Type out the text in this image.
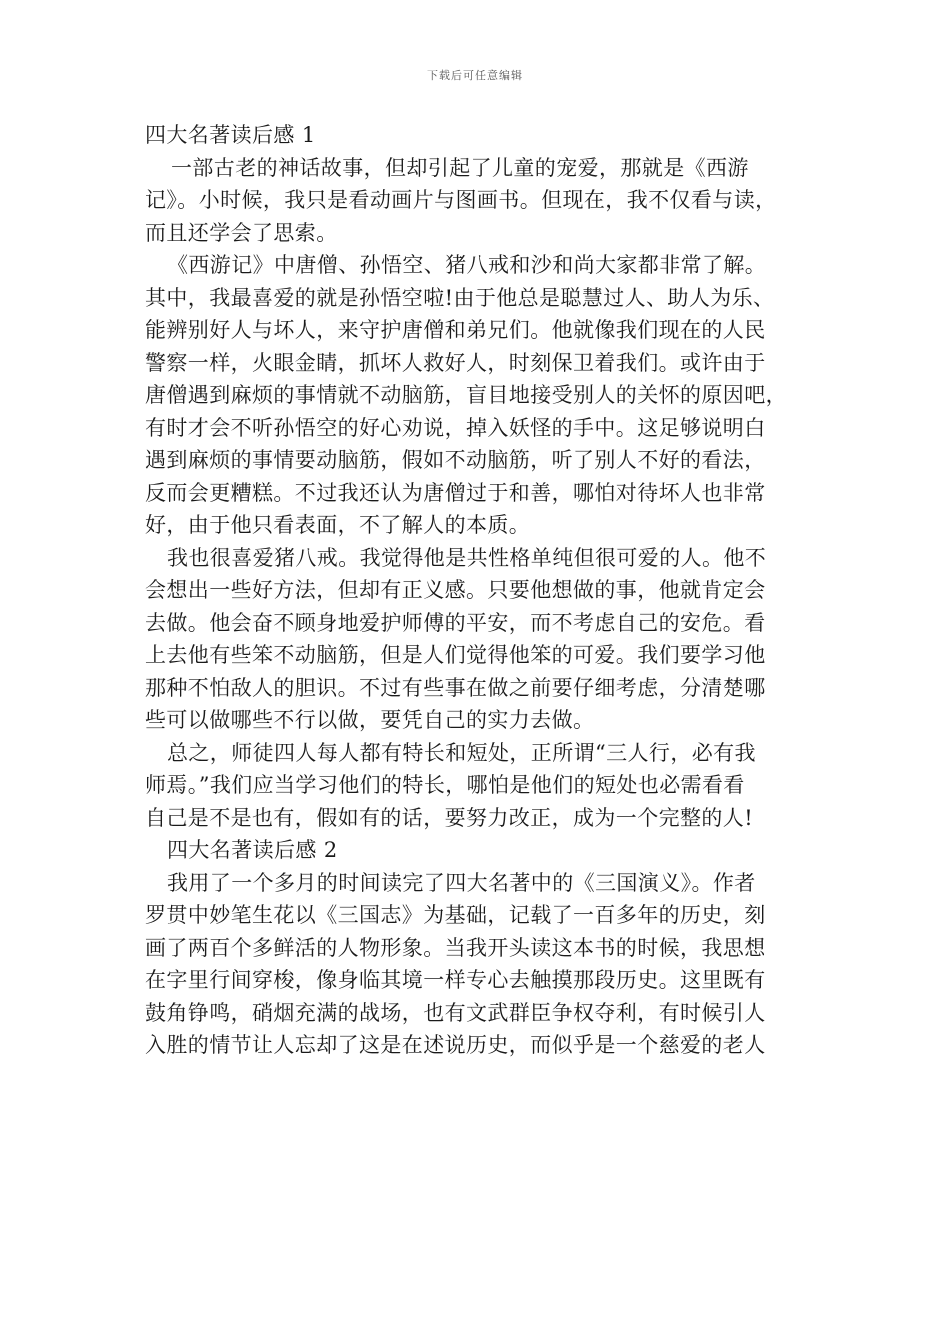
下载后可任意编辑
四大名著读后感 1
一部古老的神话故事，但却引起了儿童的宠爱，那就是《西游
记》。小时候，我只是看动画片与图画书。但现在，我不仅看与读，
而且还学会了思索。
《西游记》中唐僧、孙悟空、猪八戒和沙和尚大家都非常了解。
其中，我最喜爱的就是孙悟空啦!由于他总是聪慧过人、助人为乐、
能辨别好人与坏人，来守护唐僧和弟兄们。他就像我们现在的人民
警察一样，火眼金睛，抓坏人救好人，时刻保卫着我们。或许由于
唐僧遇到麻烦的事情就不动脑筋，盲目地接受别人的关怀的原因吧，
有时才会不听孙悟空的好心劝说，掉入妖怪的手中。这足够说明白
遇到麻烦的事情要动脑筋，假如不动脑筋，听了别人不好的看法，
反而会更糟糕。不过我还认为唐僧过于和善，哪怕对待坏人也非常
好，由于他只看表面，不了解人的本质。
我也很喜爱猪八戒。我觉得他是共性格单纯但很可爱的人。他不
会想出一些好方法，但却有正义感。只要他想做的事，他就肯定会
去做。他会奋不顾身地爱护师傅的平安，而不考虑自己的安危。看
上去他有些笨不动脑筋，但是人们觉得他笨的可爱。我们要学习他
那种不怕敌人的胆识。不过有些事在做之前要仔细考虑，分清楚哪
些可以做哪些不行以做，要凭自己的实力去做。
总之，师徒四人每人都有特长和短处，正所谓“三人行，必有我
师焉。”我们应当学习他们的特长，哪怕是他们的短处也必需看看
自己是不是也有，假如有的话，要努力改正，成为一个完整的人!
四大名著读后感 2
我用了一个多月的时间读完了四大名著中的《三国演义》。作者
罗贯中妙笔生花以《三国志》为基础，记载了一百多年的历史，刻
画了两百个多鲜活的人物形象。当我开头读这本书的时候，我思想
在字里行间穿梭，像身临其境一样专心去触摸那段历史。这里既有
鼓角铮鸣，硝烟充满的战场，也有文武群臣争权夺利，有时候引人
入胜的情节让人忘却了这是在述说历史，而似乎是一个慈爱的老人
